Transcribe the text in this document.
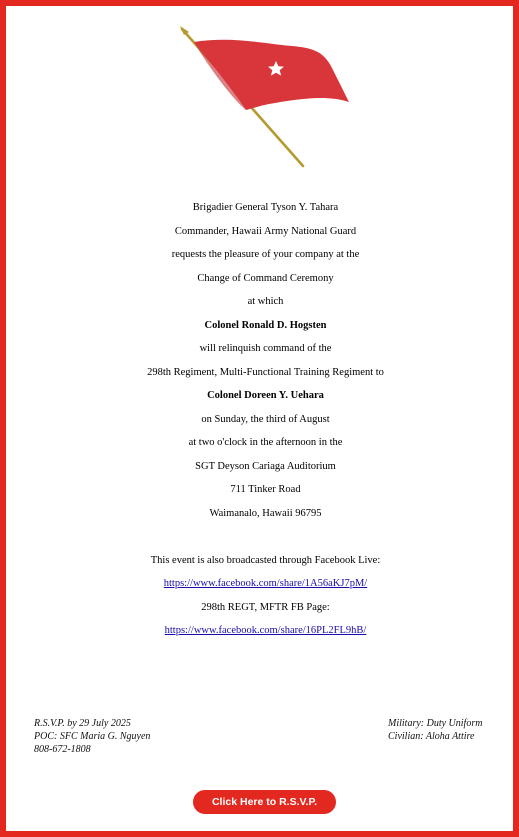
Brigadier General Tyson Y. Tahara
Commander, Hawaii Army National Guard
requests the pleasure of your company at the
Change of Command Ceremony
at which
Colonel Ronald D. Hogsten
will relinquish command of the
298th Regiment, Multi-Functional Training Regiment to
Colonel Doreen Y. Uehara
on Sunday, the third of August
at two o'clock in the afternoon in the
SGT Deyson Cariaga Auditorium
711 Tinker Road
Waimanalo, Hawaii 96795
This event is also broadcasted through Facebook Live:
https://www.facebook.com/share/1A56aKJ7pM/
298th REGT, MFTR FB Page:
https://www.facebook.com/share/16PL2FL9hB/
R.S.V.P. by 29 July 2025
POC: SFC Maria G. Nguyen
808-672-1808
Military: Duty Uniform
Civilian: Aloha Attire
Click Here to R.S.V.P.
